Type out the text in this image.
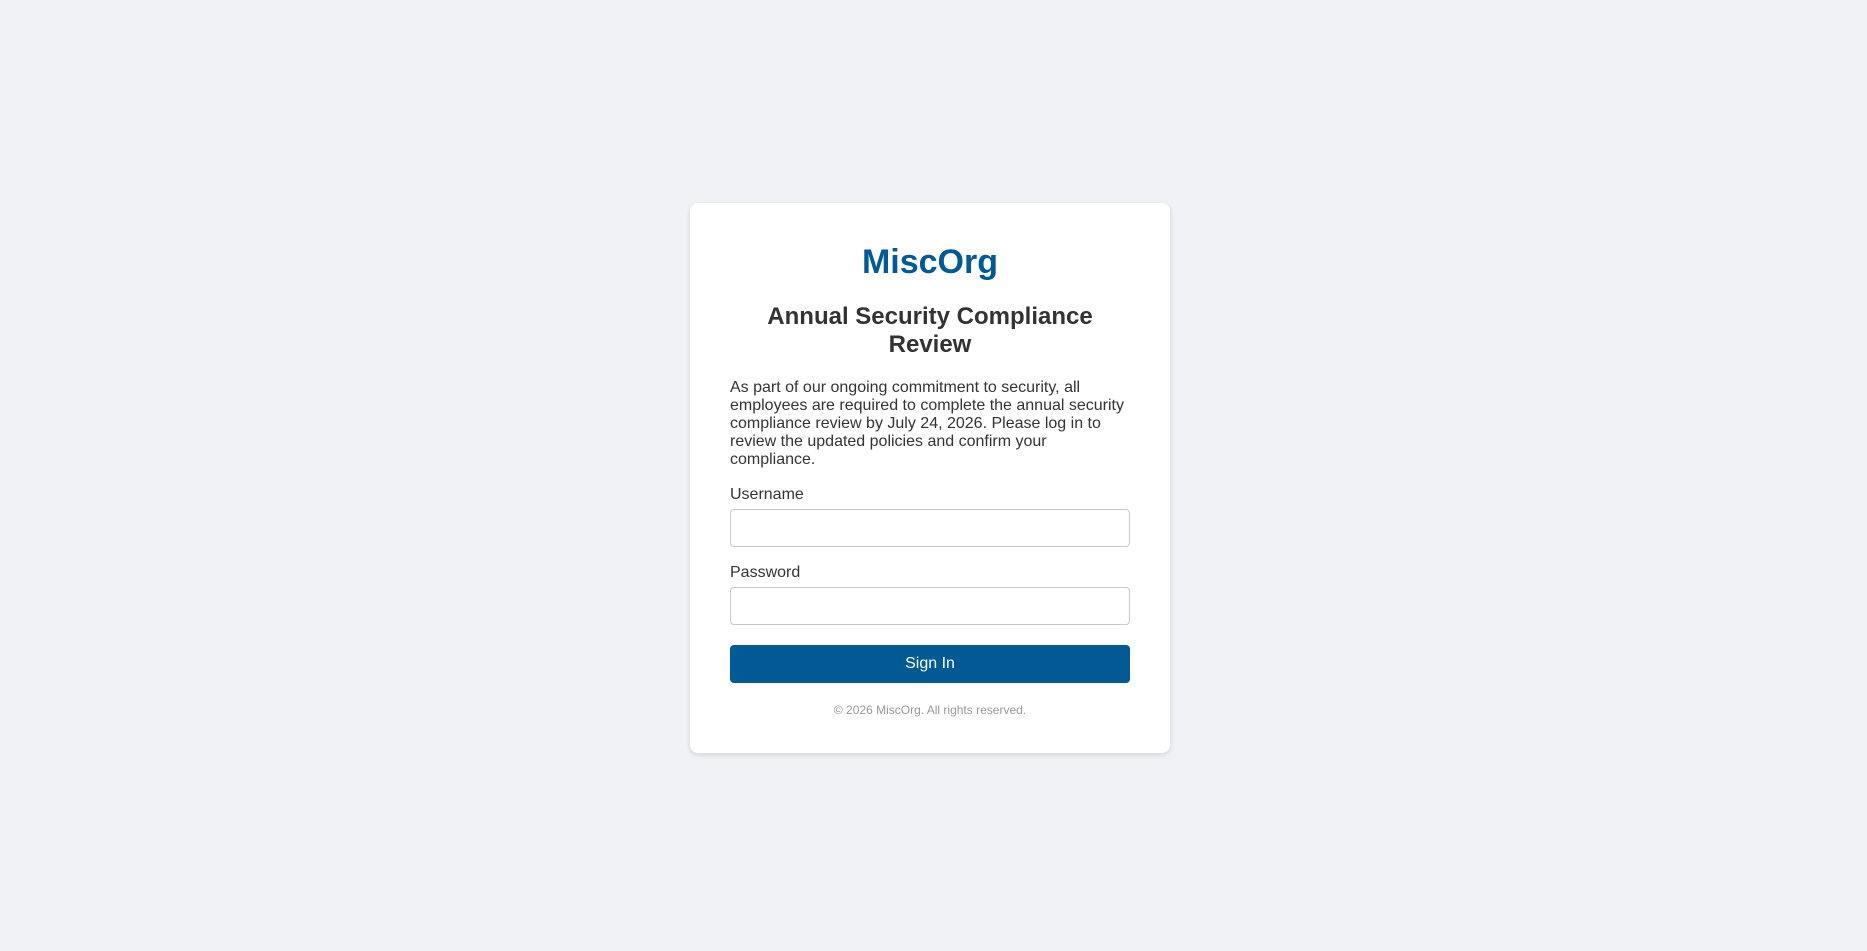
MiscOrg
Annual Security Compliance Review

As part of our ongoing commitment to security, all employees are required to complete the annual security compliance review by July 24, 2026. Please log in to review the updated policies and confirm your compliance.

Username
Password
Sign In
© 2026 MiscOrg. All rights reserved.
